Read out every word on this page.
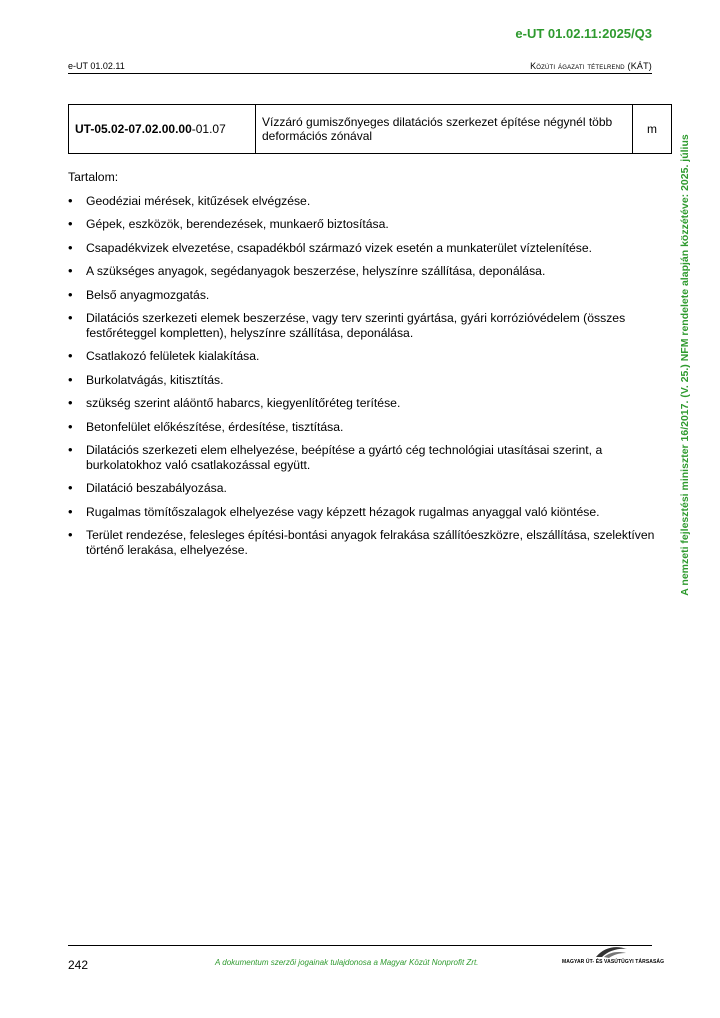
e-UT 01.02.11:2025/Q3
e-UT 01.02.11	Közúti ágazati tételrend (KÁT)
UT-05.02-07.02.00.00-01.07	Vízzáró gumiszőnyeges dilatációs szerkezet építése négynél több deformációs zónával	m
Tartalom:
• Geodéziai mérések, kitűzések elvégzése.
• Gépek, eszközök, berendezések, munkaerő biztosítása.
• Csapadékvizek elvezetése, csapadékból származó vizek esetén a munkaterület víztelenítése.
• A szükséges anyagok, segédanyagok beszerzése, helyszínre szállítása, deponálása.
• Belső anyagmozgatás.
• Dilatációs szerkezeti elemek beszerzése, vagy terv szerinti gyártása, gyári korrózióvédelem (összes festőréteggel kompletten), helyszínre szállítása, deponálása.
• Csatlakozó felületek kialakítása.
• Burkolatvágás, kitisztítás.
• szükség szerint aláöntő habarcs, kiegyenlítőréteg terítése.
• Betonfelület előkészítése, érdesítése, tisztítása.
• Dilatációs szerkezeti elem elhelyezése, beépítése a gyártó cég technológiai utasításai szerint, a burkolatokhoz való csatlakozással együtt.
• Dilatáció beszabályozása.
• Rugalmas tömítőszalagok elhelyezése vagy képzett hézagok rugalmas anyaggal való kiöntése.
• Terület rendezése, felesleges építési-bontási anyagok felrakása szállítóeszközre, elszállítása, szelektíven történő lerakása, elhelyezése.	A nemzeti fejlesztési miniszter 16/2017. (V. 25.) NFM rendelete alapján közzétéve: 2025. július
242	A dokumentum szerzői jogainak tulajdonosa a Magyar Közút Nonprofit Zrt.	MAGYAR ÚT- ÉS VASÚTÜGYI TÁRSASÁG
